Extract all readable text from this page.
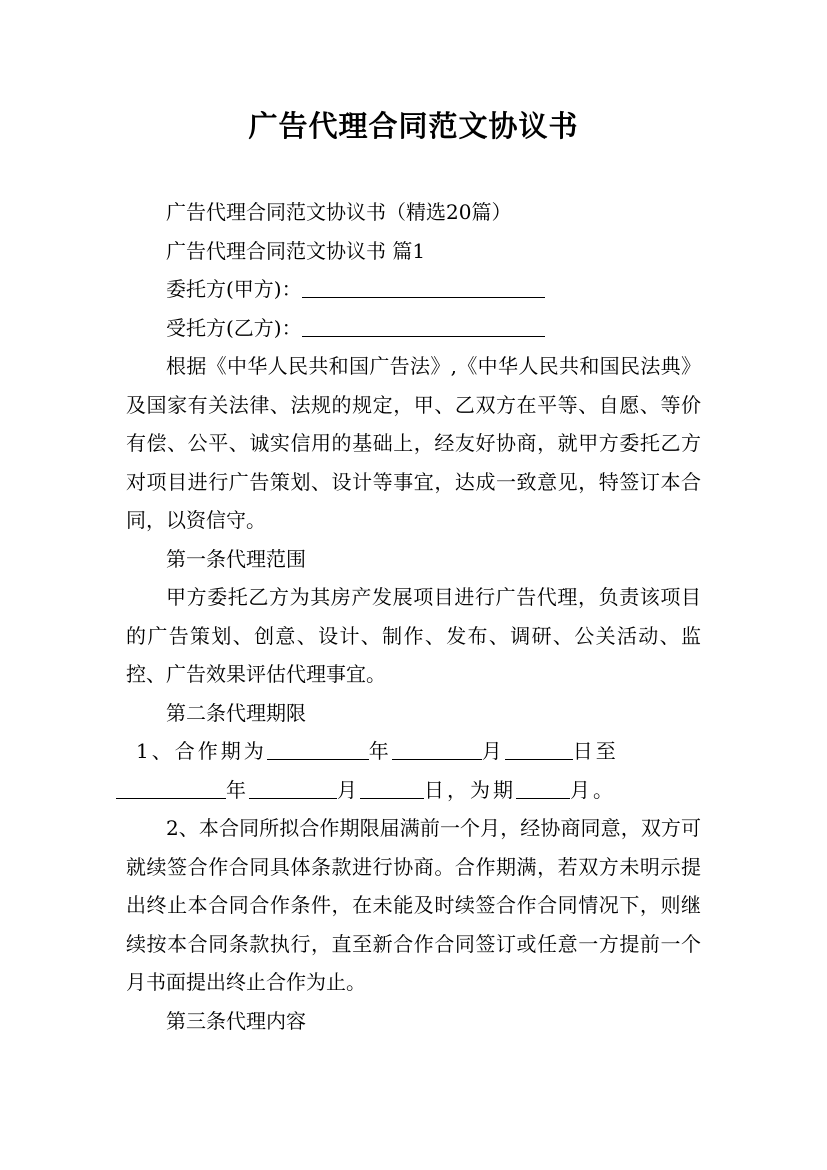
广告代理合同范文协议书

广告代理合同范文协议书（精选20篇）

广告代理合同范文协议书 篇1

委托方(甲方)：

受托方(乙方)：

根据《中华人民共和国广告法》,《中华人民共和国民法典》及国家有关法律、法规的规定，甲、乙双方在平等、自愿、等价有偿、公平、诚实信用的基础上，经友好协商，就甲方委托乙方对项目进行广告策划、设计等事宜，达成一致意见，特签订本合同，以资信守。

第一条代理范围

甲方委托乙方为其房产发展项目进行广告代理，负责该项目的广告策划、创意、设计、制作、发布、调研、公关活动、监控、广告效果评估代理事宜。

第二条代理期限

1、合作期为	年	月	日至
年	月	日，为期	月。

2、本合同所拟合作期限届满前一个月，经协商同意，双方可就续签合作合同具体条款进行协商。合作期满，若双方未明示提出终止本合同合作条件，在未能及时续签合作合同情况下，则继续按本合同条款执行，直至新合作合同签订或任意一方提前一个月书面提出终止合作为止。

第三条代理内容
